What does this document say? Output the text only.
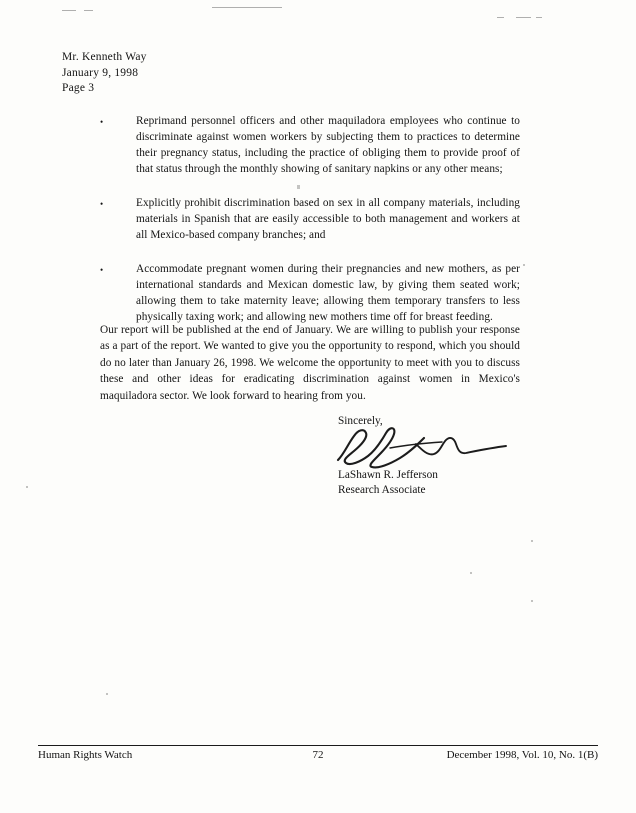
Mr. Kenneth Way
January 9, 1998
Page 3
•	Reprimand personnel officers and other maquiladora employees who continue to discriminate against women workers by subjecting them to practices to determine their pregnancy status, including the practice of obliging them to provide proof of that status through the monthly showing of sanitary napkins or any other means;
•	Explicitly prohibit discrimination based on sex in all company materials, including materials in Spanish that are easily accessible to both management and workers at all Mexico-based company branches; and
•	Accommodate pregnant women during their pregnancies and new mothers, as per international standards and Mexican domestic law, by giving them seated work; allowing them to take maternity leave; allowing them temporary transfers to less physically taxing work; and allowing new mothers time off for breast feeding.
Our report will be published at the end of January. We are willing to publish your response as a part of the report. We wanted to give you the opportunity to respond, which you should do no later than January 26, 1998. We welcome the opportunity to meet with you to discuss these and other ideas for eradicating discrimination against women in Mexico's maquiladora sector. We look forward to hearing from you.
Sincerely,
LaShawn R. Jefferson
Research Associate
Human Rights Watch	72	December 1998, Vol. 10, No. 1(B)
